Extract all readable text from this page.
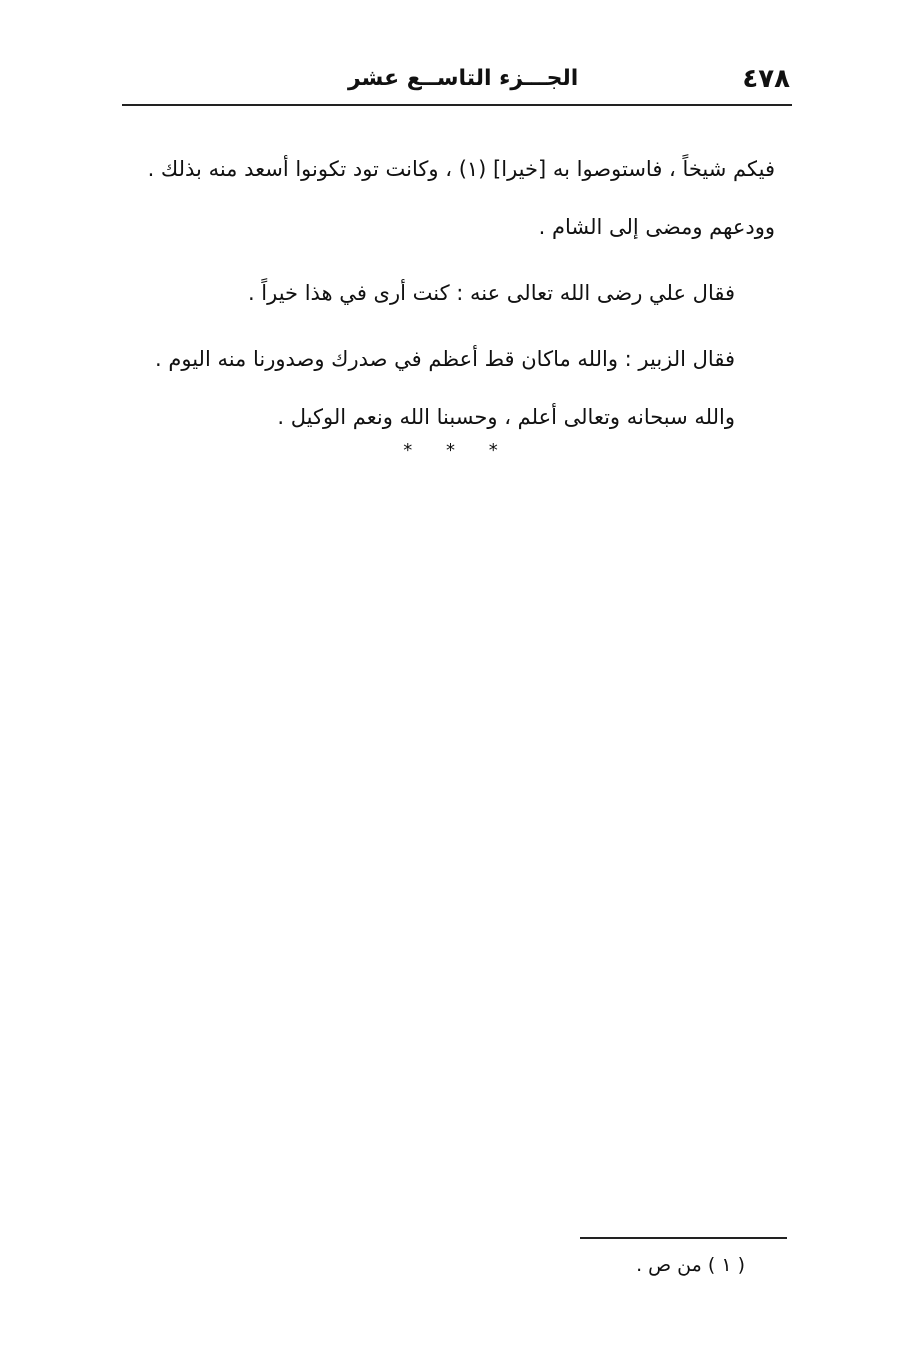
٤٧٨
الجـــزء التاســع عشر

فيكم شيخاً ، فاستوصوا به [خيرا] (١) ، وكانت تود تكونوا أسعد منه بذلك . وودعهم ومضى إلى الشام .

فقال علي رضى الله تعالى عنه : كنت أرى في هذا خيراً .

فقال الزبير : والله ماكان قط أعظم في صدرك وصدورنا منه اليوم . والله سبحانه وتعالى أعلم ، وحسبنا الله ونعم الوكيل .

* * *
( ١ ) من ص .
